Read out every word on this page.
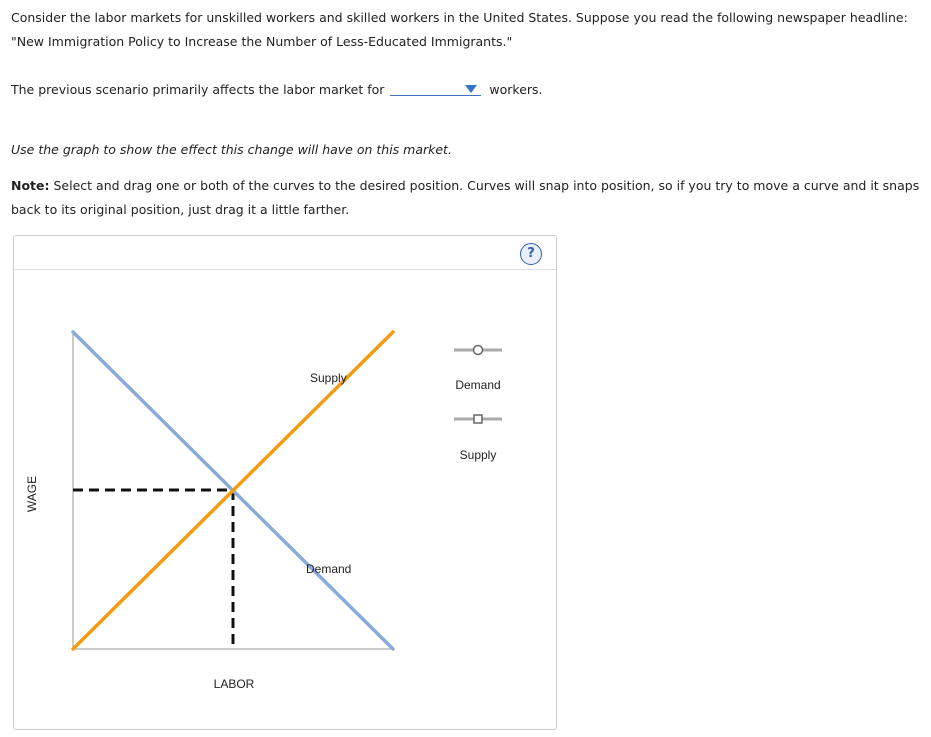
Consider the labor markets for unskilled workers and skilled workers in the United States. Suppose you read the following newspaper headline: "New Immigration Policy to Increase the Number of Less-Educated Immigrants."

The previous scenario primarily affects the labor market for	workers.

Use the graph to show the effect this change will have on this market.

Note: Select and drag one or both of the curves to the desired position. Curves will snap into position, so if you try to move a curve and it snaps back to its original position, just drag it a little farther.

?
Supply
Demand
LABOR
WAGE
Demand
Supply
